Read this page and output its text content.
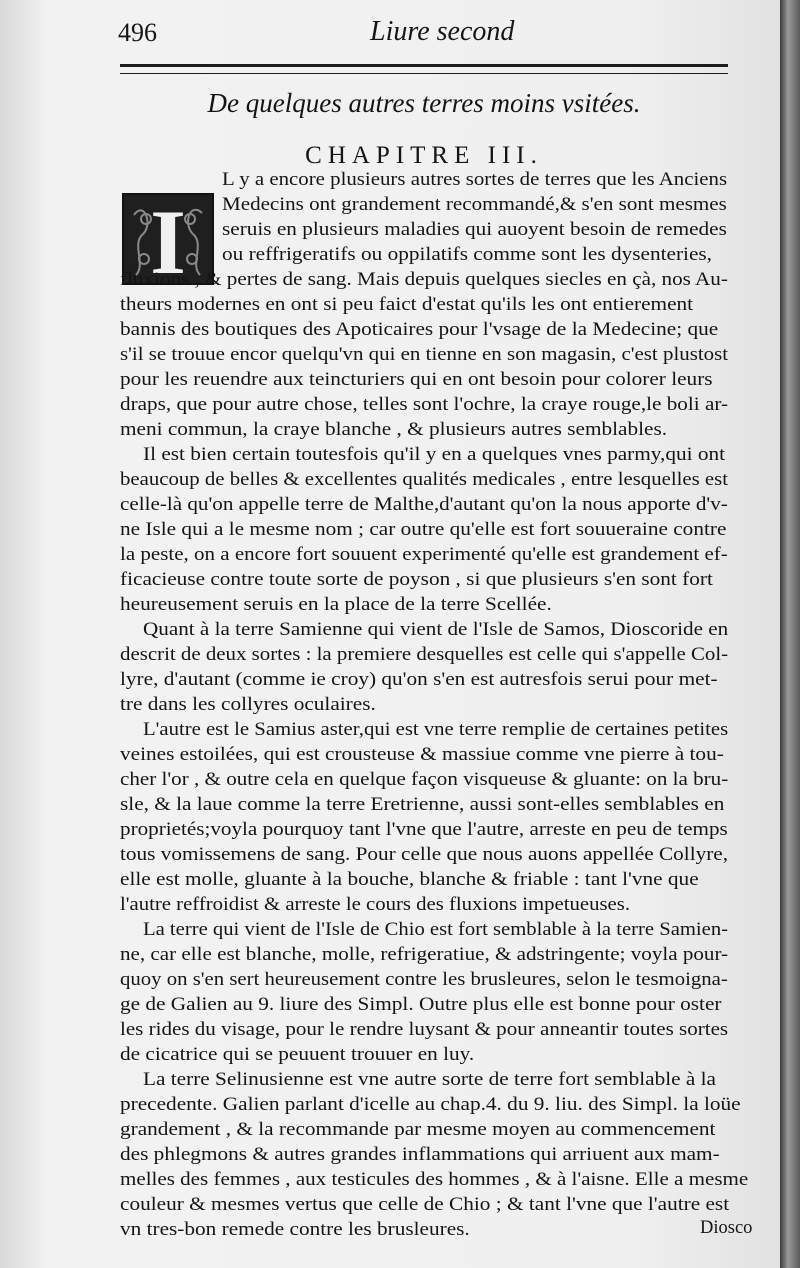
496	Liure second
De quelques autres terres moins vsitées.
CHAPITRE III.
I
L y a encore plusieurs autres sortes de terres que les Anciens
Medecins ont grandement recommandé,& s'en sont mesmes
seruis en plusieurs maladies qui auoyent besoin de remedes
ou reffrigeratifs ou oppilatifs comme sont les dysenteries,
fluxions , & pertes de sang. Mais depuis quelques siecles en çà, nos Au-
theurs modernes en ont si peu faict d'estat qu'ils les ont entierement
bannis des boutiques des Apoticaires pour l'vsage de la Medecine; que
s'il se trouue encor quelqu'vn qui en tienne en son magasin, c'est plustost
pour les reuendre aux teincturiers qui en ont besoin pour colorer leurs
draps, que pour autre chose, telles sont l'ochre, la craye rouge,le boli ar-
meni commun, la craye blanche , & plusieurs autres semblables.
Il est bien certain toutesfois qu'il y en a quelques vnes parmy,qui ont
beaucoup de belles & excellentes qualités medicales , entre lesquelles est
celle-là qu'on appelle terre de Malthe,d'autant qu'on la nous apporte d'v-
ne Isle qui a le mesme nom ; car outre qu'elle est fort souueraine contre
la peste, on a encore fort souuent experimenté qu'elle est grandement ef-
ficacieuse contre toute sorte de poyson , si que plusieurs s'en sont fort
heureusement seruis en la place de la terre Scellée.
Quant à la terre Samienne qui vient de l'Isle de Samos, Dioscoride en
descrit de deux sortes : la premiere desquelles est celle qui s'appelle Col-
lyre, d'autant (comme ie croy) qu'on s'en est autresfois serui pour met-
tre dans les collyres oculaires.
L'autre est le Samius aster,qui est vne terre remplie de certaines petites
veines estoilées, qui est crousteuse & massiue comme vne pierre à tou-
cher l'or , & outre cela en quelque façon visqueuse & gluante: on la bru-
sle, & la laue comme la terre Eretrienne, aussi sont-elles semblables en
proprietés;voyla pourquoy tant l'vne que l'autre, arreste en peu de temps
tous vomissemens de sang. Pour celle que nous auons appellée Collyre,
elle est molle, gluante à la bouche, blanche & friable : tant l'vne que
l'autre reffroidist & arreste le cours des fluxions impetueuses.
La terre qui vient de l'Isle de Chio est fort semblable à la terre Samien-
ne, car elle est blanche, molle, refrigeratiue, & adstringente; voyla pour-
quoy on s'en sert heureusement contre les brusleures, selon le tesmoigna-
ge de Galien au 9. liure des Simpl. Outre plus elle est bonne pour oster
les rides du visage, pour le rendre luysant & pour anneantir toutes sortes
de cicatrice qui se peuuent trouuer en luy.
La terre Selinusienne est vne autre sorte de terre fort semblable à la
precedente. Galien parlant d'icelle au chap.4. du 9. liu. des Simpl. la loüe
grandement , & la recommande par mesme moyen au commencement
des phlegmons & autres grandes inflammations qui arriuent aux mam-
melles des femmes , aux testicules des hommes , & à l'aisne. Elle a mesme
couleur & mesmes vertus que celle de Chio ; & tant l'vne que l'autre est
vn tres-bon remede contre les brusleures.	Diosco
